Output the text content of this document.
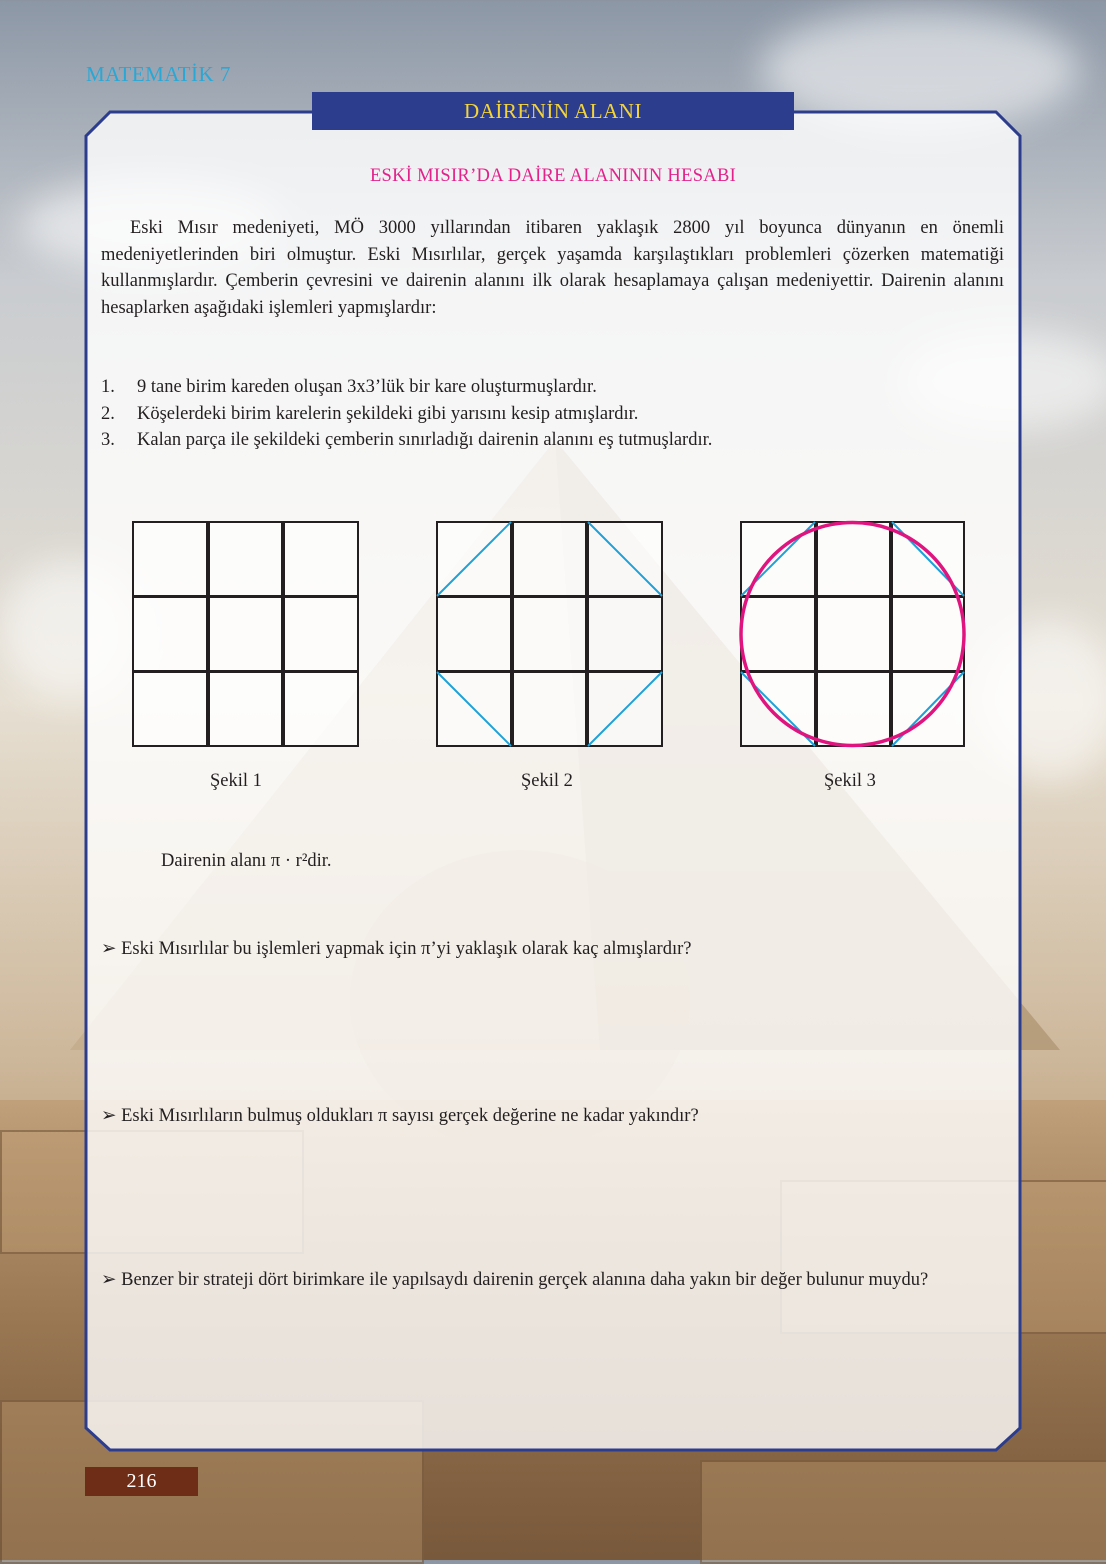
MATEMATİK 7
DAİRENİN ALANI
ESKİ MISIR’DA DAİRE ALANININ HESABI

Eski Mısır medeniyeti, MÖ 3000 yıllarından itibaren yaklaşık 2800 yıl boyunca dünyanın en önemli medeniyetlerinden biri olmuştur. Eski Mısırlılar, gerçek yaşamda karşılaştıkları problemleri çözerken matematiği kullanmışlardır. Çemberin çevresini ve dairenin alanını ilk olarak hesaplamaya çalışan medeniyettir. Dairenin alanını hesaplarken aşağıdaki işlemleri yapmışlardır:

1.	9 tane birim kareden oluşan 3x3’lük bir kare oluşturmuşlardır.
2.	Köşelerdeki birim karelerin şekildeki gibi yarısını kesip atmışlardır.
3.	Kalan parça ile şekildeki çemberin sınırladığı dairenin alanını eş tutmuşlardır.
Şekil 1	Şekil 2	Şekil 3
Dairenin alanı π · r²dir.

➢ Eski Mısırlılar bu işlemleri yapmak için π’yi yaklaşık olarak kaç almışlardır?

➢ Eski Mısırlıların bulmuş oldukları π sayısı gerçek değerine ne kadar yakındır?

➢ Benzer bir strateji dört birimkare ile yapılsaydı dairenin gerçek alanına daha yakın bir değer bulunur muydu?

216
